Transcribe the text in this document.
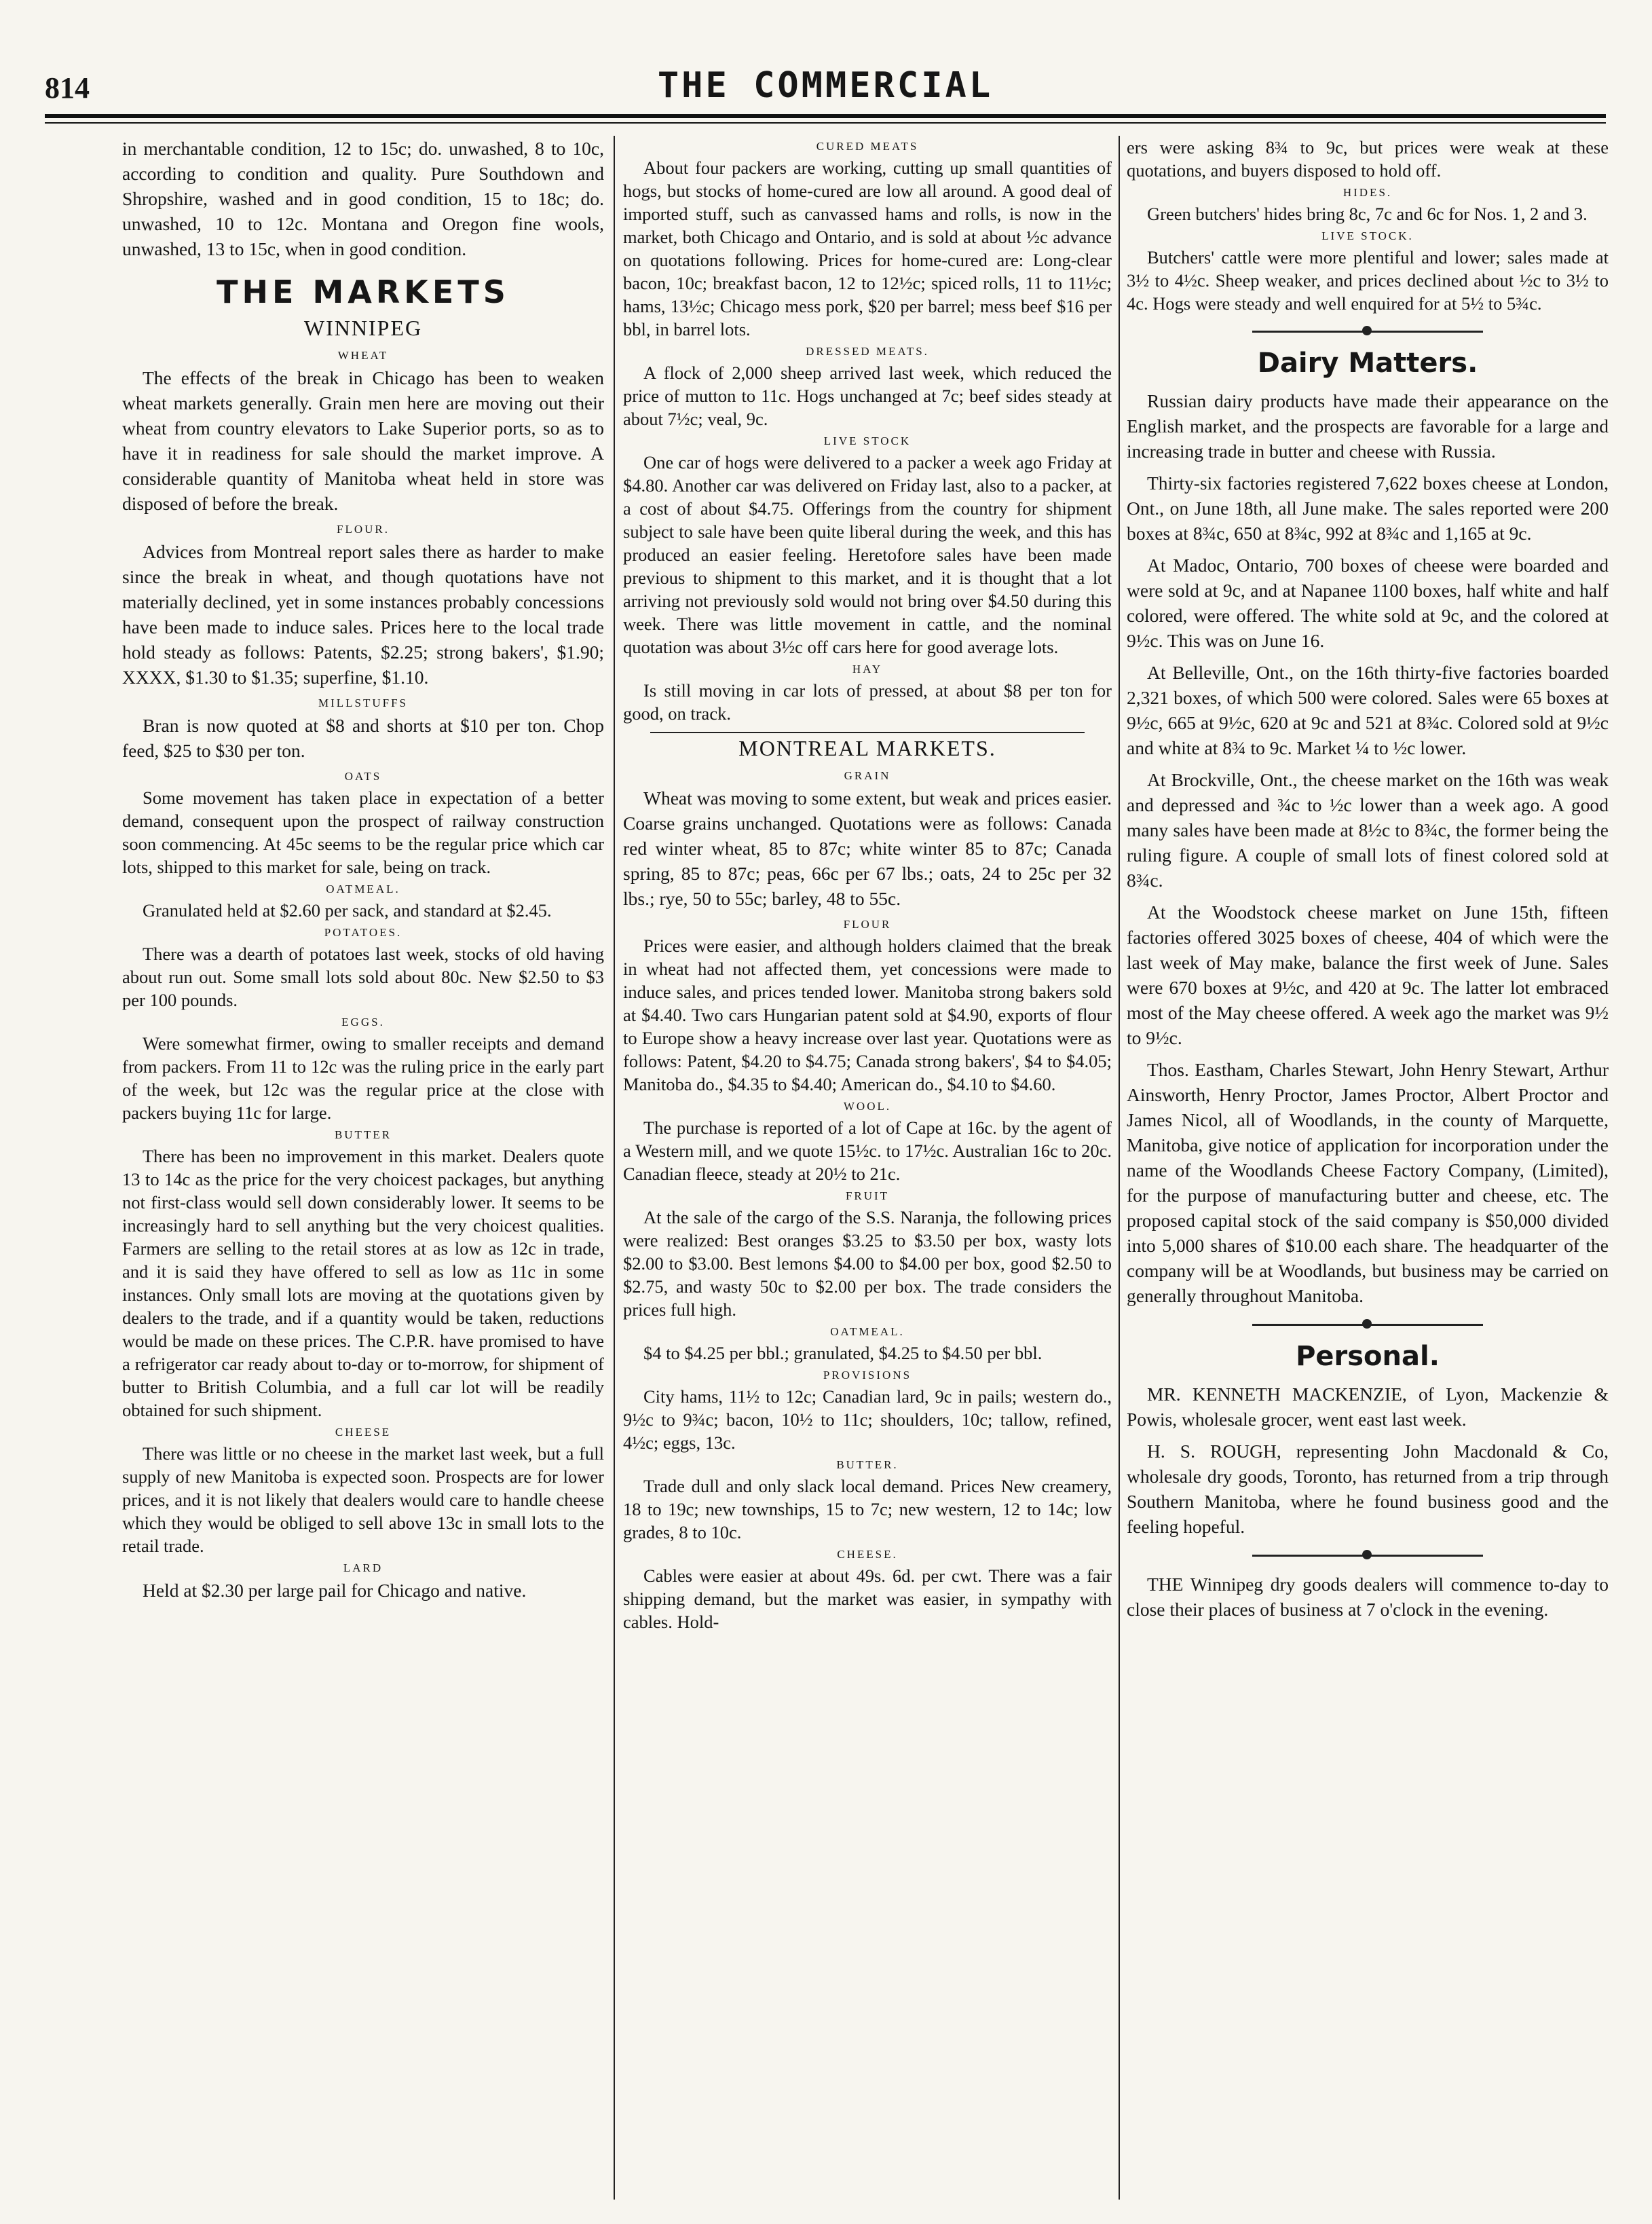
814	THE COMMERCIAL

in merchantable condition, 12 to 15c; do. unwashed, 8 to 10c, according to condition and quality. Pure Southdown and Shropshire, washed and in good condition, 15 to 18c; do. unwashed, 10 to 12c. Montana and Oregon fine wools, unwashed, 13 to 15c, when in good condition.

THE MARKETS
WINNIPEG
WHEAT

The effects of the break in Chicago has been to weaken wheat markets generally. Grain men here are moving out their wheat from country elevators to Lake Superior ports, so as to have it in readiness for sale should the market improve. A considerable quantity of Manitoba wheat held in store was disposed of before the break.

FLOUR.

Advices from Montreal report sales there as harder to make since the break in wheat, and though quotations have not materially declined, yet in some instances probably concessions have been made to induce sales. Prices here to the local trade hold steady as follows: Patents, $2.25; strong bakers', $1.90; XXXX, $1.30 to $1.35; superfine, $1.10.

MILLSTUFFS

Bran is now quoted at $8 and shorts at $10 per ton. Chop feed, $25 to $30 per ton.

OATS

Some movement has taken place in expectation of a better demand, consequent upon the prospect of railway construction soon commencing. At 45c seems to be the regular price which car lots, shipped to this market for sale, being on track.

OATMEAL.

Granulated held at $2.60 per sack, and standard at $2.45.

POTATOES.

There was a dearth of potatoes last week, stocks of old having about run out. Some small lots sold about 80c. New $2.50 to $3 per 100 pounds.

EGGS.

Were somewhat firmer, owing to smaller receipts and demand from packers. From 11 to 12c was the ruling price in the early part of the week, but 12c was the regular price at the close with packers buying 11c for large.

BUTTER

There has been no improvement in this market. Dealers quote 13 to 14c as the price for the very choicest packages, but anything not first-class would sell down considerably lower. It seems to be increasingly hard to sell anything but the very choicest qualities. Farmers are selling to the retail stores at as low as 12c in trade, and it is said they have offered to sell as low as 11c in some instances. Only small lots are moving at the quotations given by dealers to the trade, and if a quantity would be taken, reductions would be made on these prices. The C.P.R. have promised to have a refrigerator car ready about to-day or to-morrow, for shipment of butter to British Columbia, and a full car lot will be readily obtained for such shipment.

CHEESE

There was little or no cheese in the market last week, but a full supply of new Manitoba is expected soon. Prospects are for lower prices, and it is not likely that dealers would care to handle cheese which they would be obliged to sell above 13c in small lots to the retail trade.

LARD

Held at $2.30 per large pail for Chicago and native.

CURED MEATS

About four packers are working, cutting up small quantities of hogs, but stocks of home-cured are low all around. A good deal of imported stuff, such as canvassed hams and rolls, is now in the market, both Chicago and Ontario, and is sold at about ½c advance on quotations following. Prices for home-cured are: Long-clear bacon, 10c; breakfast bacon, 12 to 12½c; spiced rolls, 11 to 11½c; hams, 13½c; Chicago mess pork, $20 per barrel; mess beef $16 per bbl, in barrel lots.

DRESSED MEATS.

A flock of 2,000 sheep arrived last week, which reduced the price of mutton to 11c. Hogs unchanged at 7c; beef sides steady at about 7½c; veal, 9c.

LIVE STOCK

One car of hogs were delivered to a packer a week ago Friday at $4.80. Another car was delivered on Friday last, also to a packer, at a cost of about $4.75. Offerings from the country for shipment subject to sale have been quite liberal during the week, and this has produced an easier feeling. Heretofore sales have been made previous to shipment to this market, and it is thought that a lot arriving not previously sold would not bring over $4.50 during this week. There was little movement in cattle, and the nominal quotation was about 3½c off cars here for good average lots.

HAY

Is still moving in car lots of pressed, at about $8 per ton for good, on track.

MONTREAL MARKETS.
GRAIN

Wheat was moving to some extent, but weak and prices easier. Coarse grains unchanged. Quotations were as follows: Canada red winter wheat, 85 to 87c; white winter 85 to 87c; Canada spring, 85 to 87c; peas, 66c per 67 lbs.; oats, 24 to 25c per 32 lbs.; rye, 50 to 55c; barley, 48 to 55c.

FLOUR

Prices were easier, and although holders claimed that the break in wheat had not affected them, yet concessions were made to induce sales, and prices tended lower. Manitoba strong bakers sold at $4.40. Two cars Hungarian patent sold at $4.90, exports of flour to Europe show a heavy increase over last year. Quotations were as follows: Patent, $4.20 to $4.75; Canada strong bakers', $4 to $4.05; Manitoba do., $4.35 to $4.40; American do., $4.10 to $4.60.

WOOL.

The purchase is reported of a lot of Cape at 16c. by the agent of a Western mill, and we quote 15½c. to 17½c. Australian 16c to 20c. Canadian fleece, steady at 20½ to 21c.

FRUIT

At the sale of the cargo of the S.S. Naranja, the following prices were realized: Best oranges $3.25 to $3.50 per box, wasty lots $2.00 to $3.00. Best lemons $4.00 to $4.00 per box, good $2.50 to $2.75, and wasty 50c to $2.00 per box. The trade considers the prices full high.

OATMEAL.

$4 to $4.25 per bbl.; granulated, $4.25 to $4.50 per bbl.

PROVISIONS

City hams, 11½ to 12c; Canadian lard, 9c in pails; western do., 9½c to 9¾c; bacon, 10½ to 11c; shoulders, 10c; tallow, refined, 4½c; eggs, 13c.

BUTTER.

Trade dull and only slack local demand. Prices New creamery, 18 to 19c; new townships, 15 to 7c; new western, 12 to 14c; low grades, 8 to 10c.

CHEESE.

Cables were easier at about 49s. 6d. per cwt. There was a fair shipping demand, but the market was easier, in sympathy with cables. Hold-

ers were asking 8¾ to 9c, but prices were weak at these quotations, and buyers disposed to hold off.

HIDES.

Green butchers' hides bring 8c, 7c and 6c for Nos. 1, 2 and 3.

LIVE STOCK.

Butchers' cattle were more plentiful and lower; sales made at 3½ to 4½c. Sheep weaker, and prices declined about ½c to 3½ to 4c. Hogs were steady and well enquired for at 5½ to 5¾c.

Dairy Matters.

Russian dairy products have made their appearance on the English market, and the prospects are favorable for a large and increasing trade in butter and cheese with Russia.

Thirty-six factories registered 7,622 boxes cheese at London, Ont., on June 18th, all June make. The sales reported were 200 boxes at 8¾c, 650 at 8¾c, 992 at 8¾c and 1,165 at 9c.

At Madoc, Ontario, 700 boxes of cheese were boarded and were sold at 9c, and at Napanee 1100 boxes, half white and half colored, were offered. The white sold at 9c, and the colored at 9½c. This was on June 16.

At Belleville, Ont., on the 16th thirty-five factories boarded 2,321 boxes, of which 500 were colored. Sales were 65 boxes at 9½c, 665 at 9½c, 620 at 9c and 521 at 8¾c. Colored sold at 9½c and white at 8¾ to 9c. Market ¼ to ½c lower.

At Brockville, Ont., the cheese market on the 16th was weak and depressed and ¾c to ½c lower than a week ago. A good many sales have been made at 8½c to 8¾c, the former being the ruling figure. A couple of small lots of finest colored sold at 8¾c.

At the Woodstock cheese market on June 15th, fifteen factories offered 3025 boxes of cheese, 404 of which were the last week of May make, balance the first week of June. Sales were 670 boxes at 9½c, and 420 at 9c. The latter lot embraced most of the May cheese offered. A week ago the market was 9½ to 9½c.

Thos. Eastham, Charles Stewart, John Henry Stewart, Arthur Ainsworth, Henry Proctor, James Proctor, Albert Proctor and James Nicol, all of Woodlands, in the county of Marquette, Manitoba, give notice of application for incorporation under the name of the Woodlands Cheese Factory Company, (Limited), for the purpose of manufacturing butter and cheese, etc. The proposed capital stock of the said company is $50,000 divided into 5,000 shares of $10.00 each share. The headquarter of the company will be at Woodlands, but business may be carried on generally throughout Manitoba.

Personal.

MR. KENNETH MACKENZIE, of Lyon, Mackenzie & Powis, wholesale grocer, went east last week.

H. S. ROUGH, representing John Macdonald & Co, wholesale dry goods, Toronto, has returned from a trip through Southern Manitoba, where he found business good and the feeling hopeful.

THE Winnipeg dry goods dealers will commence to-day to close their places of business at 7 o'clock in the evening.
